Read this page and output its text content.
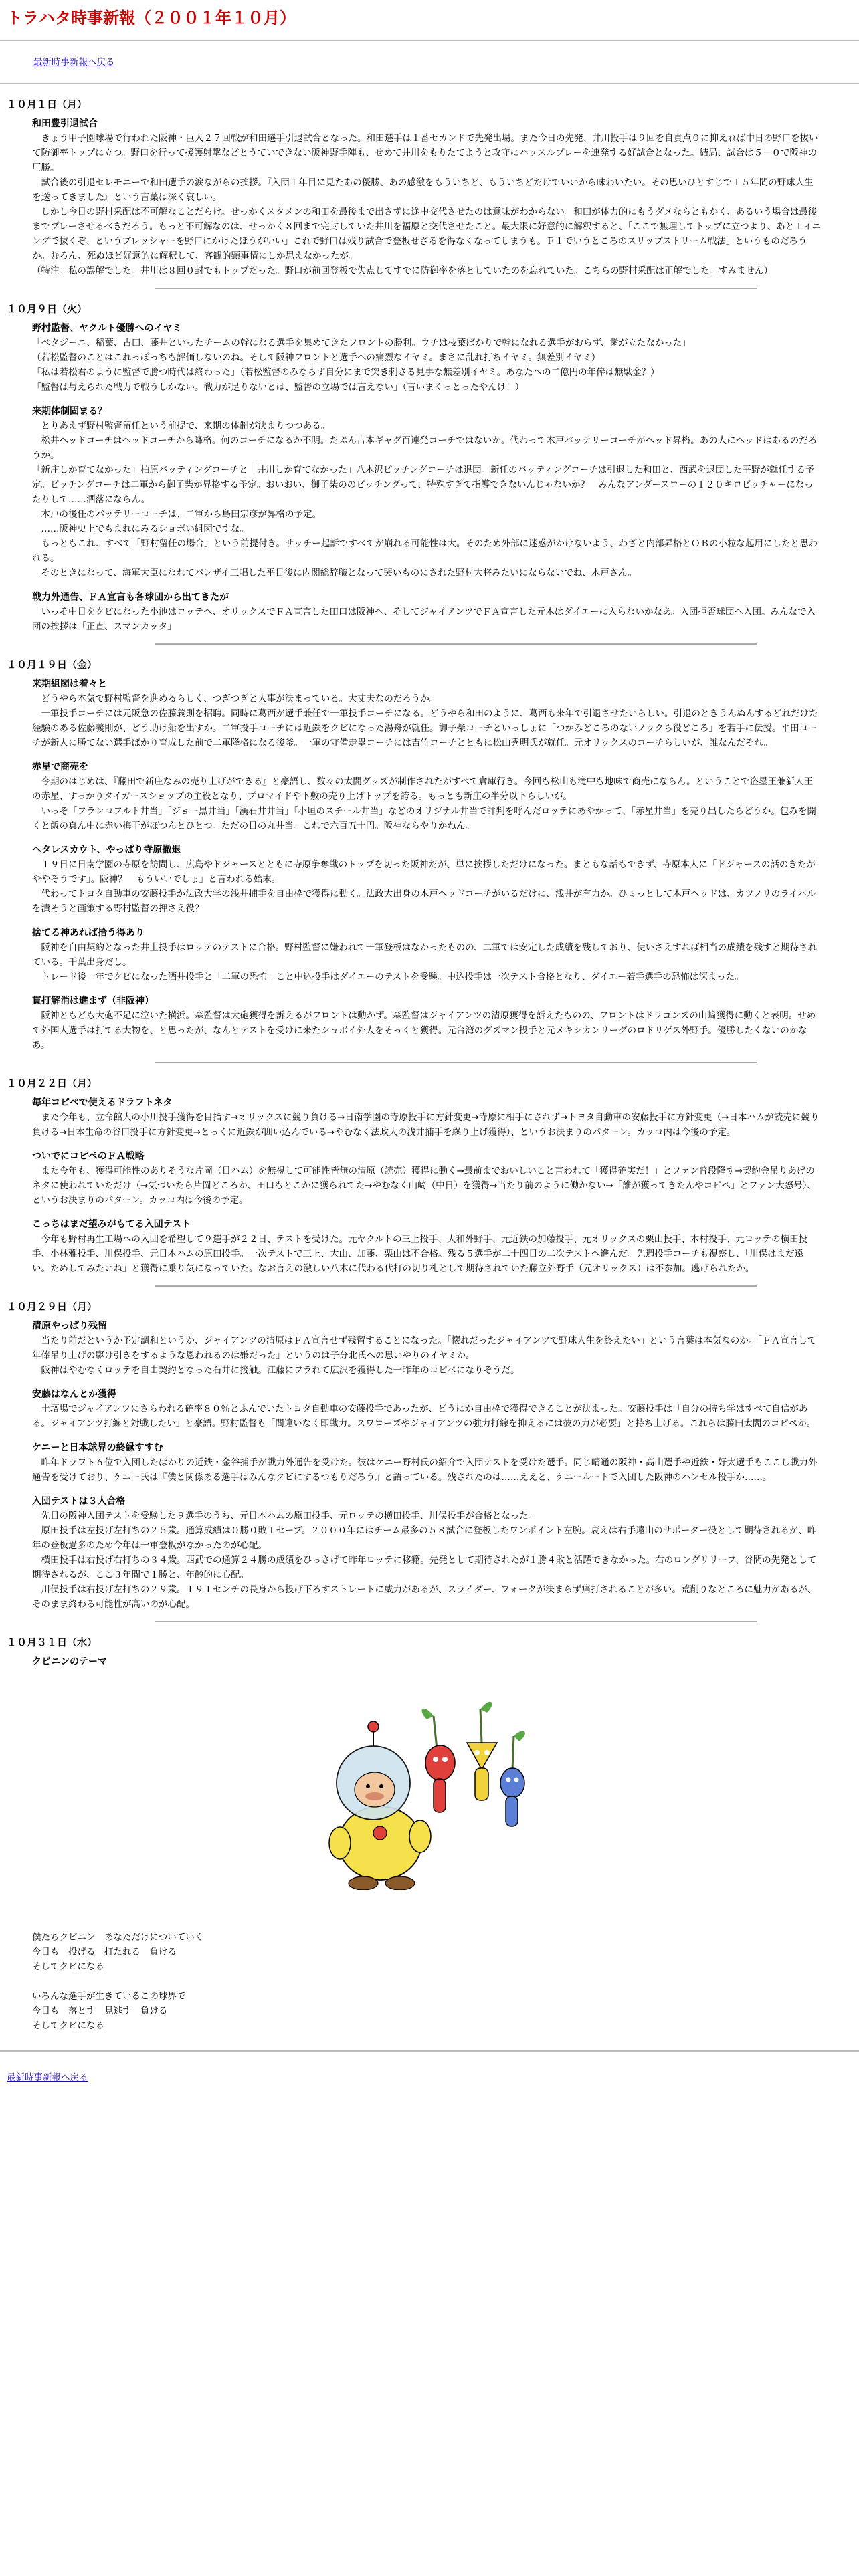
トラハタ時事新報（２００１年１０月）
最新時事新報へ戻る
１０月１日（月）
和田豊引退試合

きょう甲子園球場で行われた阪神・巨人２７回戦が和田選手引退試合となった。和田選手は１番セカンドで先発出場。また今日の先発、井川投手は９回を自責点０に抑えれば中日の野口を抜いて防御率トップに立つ。野口を行って援護射撃などとうていできない阪神野手陣も、せめて井川をもりたてようと攻守にハッスルプレーを連発する好試合となった。結局、試合は５－０で阪神の圧勝。

試合後の引退セレモニーで和田選手の涙ながらの挨拶。『入団１年目に見たあの優勝、あの感激をもういちど、もういちどだけでいいから味わいたい。その思いひとすじで１５年間の野球人生を送ってきました』という言葉は深く哀しい。

しかし今日の野村采配は不可解なことだらけ。せっかくスタメンの和田を最後まで出さずに途中交代させたのは意味がわからない。和田が体力的にもうダメならともかく、あるいう場合は最後までプレーさせるべきだろう。もっと不可解なのは、せっかく８回まで完封していた井川を福原と交代させたこと。最大限に好意的に解釈すると、「ここで無理してトップに立つより、あと１イニングで抜くぞ、というプレッシャーを野口にかけたほうがいい」これで野口は残り試合で登板せざるを得なくなってしまうも。Ｆ１でいうところのスリップストリーム戦法」というものだろうか。むろん、死ぬほど好意的に解釈して、客観的顕事情にしか思えなかったが。

（特注。私の誤解でした。井川は８回０封でもトップだった。野口が前回登板で失点してすでに防御率を落としていたのを忘れていた。こちらの野村采配は正解でした。すみません）

１０月９日（火）
野村監督、ヤクルト優勝へのイヤミ

「ベタジーニ、稲葉、古田、藤井といったチームの幹になる選手を集めてきたフロントの勝利。ウチは枝葉ばかりで幹になれる選手がおらず、歯が立たなかった」

（若松監督のことはこれっぽっちも評価しないのね。そして阪神フロントと選手への痛烈なイヤミ。まさに乱れ打ちイヤミ。無差別イヤミ）

「私は若松君のように監督で勝つ時代は終わった」（若松監督のみならず自分にまで突き刺さる見事な無差別イヤミ。あなたへの二億円の年俸は無駄金？）

「監督は与えられた戦力で戦うしかない。戦力が足りないとは、監督の立場では言えない」（言いまくっとったやんけ！）

来期体制固まる？

とりあえず野村監督留任という前提で、来期の体制が決まりつつある。

松井ヘッドコーチはヘッドコーチから降格。何のコーチになるか不明。たぶん吉本ギャグ百連発コーチではないか。代わって木戸バッテリーコーチがヘッド昇格。あの人にヘッドはあるのだろうか。

「新庄しか育てなかった」柏原バッティングコーチと「井川しか育てなかった」八木沢ピッチングコーチは退団。新任のバッティングコーチは引退した和田と、西武を退団した平野が就任する予定。ピッチングコーチは二軍から御子柴が昇格する予定。おいおい、御子柴ののピッチングって、特殊すぎて指導できないんじゃないか？　みんなアンダースローの１２０キロピッチャーになったりして……洒落にならん。

木戸の後任のバッテリーコーチは、二軍から島田宗彦が昇格の予定。

……阪神史上でもまれにみるショボい組閣ですな。

もっともこれ、すべて「野村留任の場合」という前提付き。サッチー起訴ですべてが崩れる可能性は大。そのため外部に迷惑がかけないよう、わざと内部昇格とＯＢの小粒な起用にしたと思われる。

そのときになって、海軍大臣になれてパンザイ三唱した平日後に内閣総辞職となって哭いものにされた野村大将みたいにならないでね、木戸さん。

戦力外通告、ＦＡ宣言も各球団から出てきたが

いっそ中日をクビになった小池はロッテへ、オリックスでＦＡ宣言した田口は阪神へ、そしてジャイアンツでＦＡ宣言した元木はダイエーに入らないかなあ。入団拒否球団へ入団。みんなで入団の挨拶は「正直、スマンカッタ」

１０月１９日（金）
来期組閣は着々と

どうやら本気で野村監督を進めるらしく、つぎつぎと人事が決まっている。大丈夫なのだろうか。

一軍投手コーチには元阪急の佐藤義則を招聘。同時に葛西が選手兼任で一軍投手コーチになる。どうやら和田のように、葛西も来年で引退させたいらしい。引退のときうんぬんするどれだけた経験のある佐藤義則が、どう助け船を出すか。二軍投手コーチには近鉄をクビになった湯舟が就任。御子柴コーチといっしょに「つかみどころのないノックら役どころ」を若手に伝授。平田コーチが新人に勝てない選手ばかり育成した前で二軍降格になる後釜。一軍の守備走塁コーチには吉竹コーチとともに松山秀明氏が就任。元オリックスのコーチらしいが、誰なんだそれ。

赤星で商売を

今期のはじめは、『藤田で新庄なみの売り上げができる』と豪語し、数々の太閤グッズが制作されたがすべて倉庫行き。今回も松山も滝中も地味で商売にならん。ということで盗塁王兼新人王の赤星、すっかりタイガースショップの主役となり、プロマイドや下敷の売り上げトップを誇る。もっとも新庄の半分以下らしいが。

いっそ「フランコフルト井当」「ジョー黒井当」「漢石井井当」「小垣のスチール井当」などのオリジナル井当で評判を呼んだロッテにあやかって、「赤星井当」を売り出したらどうか。包みを開くと飯の真ん中に赤い梅干がぽつんとひとつ。ただの日の丸井当。これで六百五十円。阪神ならやりかねん。

ヘタレスカウト、やっぱり寺原撤退

１９日に日南学園の寺原を訪問し、広島やドジャースとともに寺原争奪戦のトップを切った阪神だが、単に挨拶しただけになった。まともな話もできず、寺原本人に「ドジャースの話のきたがややそうです」。阪神？　もういいでしょ」と言われる始末。

代わってトヨタ自動車の安藤投手か法政大学の浅井捕手を自由枠で獲得に動く。法政大出身の木戸ヘッドコーチがいるだけに、浅井が有力か。ひょっとして木戸ヘッドは、カツノリのライバルを潰そうと画策する野村監督の押さえ役？

捨てる神あれば拾う得あり

阪神を自由契約となった井上投手はロッテのテストに合格。野村監督に嫌われて一軍登板はなかったものの、二軍では安定した成績を残しており、使いさえすれば相当の成績を残すと期待されている。千葉出身だし。

トレード後一年でクビになった酒井投手と「二軍の恐怖」こと中込投手はダイエーのテストを受験。中込投手は一次テスト合格となり、ダイエー若手選手の恐怖は深まった。

貫打解消は進まず（非阪神）

阪神ともども大砲不足に泣いた横浜。森監督は大砲獲得を訴えるがフロントは動かず。森監督はジャイアンツの清原獲得を訴えたものの、フロントはドラゴンズの山﨑獲得に動くと表明。せめて外国人選手は打てる大物を、と思ったが、なんとテストを受けに来たショボイ外人をそっくと獲得。元台湾のグズマン投手と元メキシカンリーグのロドリゲス外野手。優勝したくないのかなあ。

１０月２２日（月）
毎年コピペで使えるドラフトネタ

また今年も、立命館大の小川投手獲得を目指す→オリックスに競り負ける→日南学園の寺原投手に方針変更→寺原に相手にされず→トヨタ自動車の安藤投手に方針変更（→日本ハムが読売に競り負ける→日本生命の谷口投手に方針変更→とっくに近鉄が囲い込んでいる→やむなく法政大の浅井捕手を繰り上げ獲得）、というお決まりのパターン。カッコ内は今後の予定。

ついでにコピペのＦＡ戦略

また今年も、獲得可能性のありそうな片岡（日ハム）を無視して可能性皆無の清原（読売）獲得に動く→最前までおいしいこと言われて「獲得確実だ！」とファン普段降す→契約金吊りあげのネタに使われていただけ（→気づいたら片岡どころか、田口もとこかに獲られてた→やむなく山崎（中日）を獲得→当たり前のように働かない→「誰が獲ってきたんやコピペ」とファン大怒号）、というお決まりのパターン。カッコ内は今後の予定。

こっちはまだ望みがもてる入団テスト

今年も野村再生工場への入団を希望して９選手が２２日、テストを受けた。元ヤクルトの三上投手、大和外野手、元近鉄の加藤投手、元オリックスの栗山投手、木村投手、元ロッテの横田投手、小林雅投手、川俣投手、元日本ハムの原田投手。一次テストで三上、大山、加藤、栗山は不合格。残る５選手が二十四日の二次テストへ進んだ。先週投手コーチも視察し、「川俣はまだ遠い。ためしてみたいね」と獲得に乗り気になっていた。なお言えの激しい八木に代わる代打の切り札として期待されていた藤立外野手（元オリックス）は不参加。逃げられたか。

１０月２９日（月）
清原やっぱり残留

当たり前だというか予定調和というか、ジャイアンツの清原はＦＡ宣言せず残留することになった。「懐れだったジャイアンツで野球人生を終えたい」という言葉は本気なのか。「ＦＡ宣言して年俸吊り上げの駆け引きをするような恩われるのは嫌だった」というのは子分北氏への思いやりのイヤミか。

阪神はやむなくロッテを自由契約となった石井に接触。江藤にフラれて広沢を獲得した一昨年のコピペになりそうだ。

安藤はなんとか獲得

土壇場でジャイアンツにさらわれる確率８０％とふんでいたトヨタ自動車の安藤投手であったが、どうにか自由枠で獲得できることが決まった。安藤投手は「自分の持ち学はすべて自信がある。ジャイアンツ打線と対戦したい」と豪語。野村監督も「間違いなく即戦力。スワローズやジャイアンツの強力打線を抑えるには彼の力が必要」と持ち上げる。これらは藤田太閤のコピペか。

ケニーと日本球界の終縁すすむ

昨年ドラフト６位で入団したばかりの近鉄・金谷捕手が戦力外通告を受けた。彼はケニー野村氏の紹介で入団テストを受けた選手。同じ晴通の阪神・高山選手や近鉄・好太選手もここし戦力外通告を受けており、ケニー氏は『僕と関係ある選手はみんなクビにするつもりだろう』と語っている。残されたのは……ええと、ケニールートで入団した阪神のハンセル投手か……。

入団テストは３人合格

先日の阪神入団テストを受験した９選手のうち、元日本ハムの原田投手、元ロッテの横田投手、川俣投手が合格となった。

原田投手は左投げ左打ちの２５歳。通算成績は０勝０敗１セーブ。２０００年にはチーム最多の５８試合に登板したワンポイント左腕。衰えは右手遠山のサポーター役として期待されるが、昨年の登板過多のため今年は一軍登板がなかったのが心配。

横田投手は右投げ右打ちの３４歳。西武での通算２４勝の成績をひっさげて昨年ロッテに移籍。先発として期待されたが１勝４敗と活躍できなかった。右のロングリリーフ、谷間の先発として期待されるが、ここ３年間で１勝と、年齢的に心配。

川俣投手は右投げ左打ちの２９歳。１９１センチの長身から投げ下ろすストレートに威力があるが、スライダー、フォークが決まらず痛打されることが多い。荒削りなところに魅力があるが、そのまま終わる可能性が高いのが心配。

１０月３１日（水）
クビニンのテーマ
僕たちクビニン　あなただけについていく
今日も　投げる　打たれる　負ける
そしてクビになる
いろんな選手が生きているこの球界で
今日も　落とす　見逃す　負ける
そしてクビになる
最新時事新報へ戻る
